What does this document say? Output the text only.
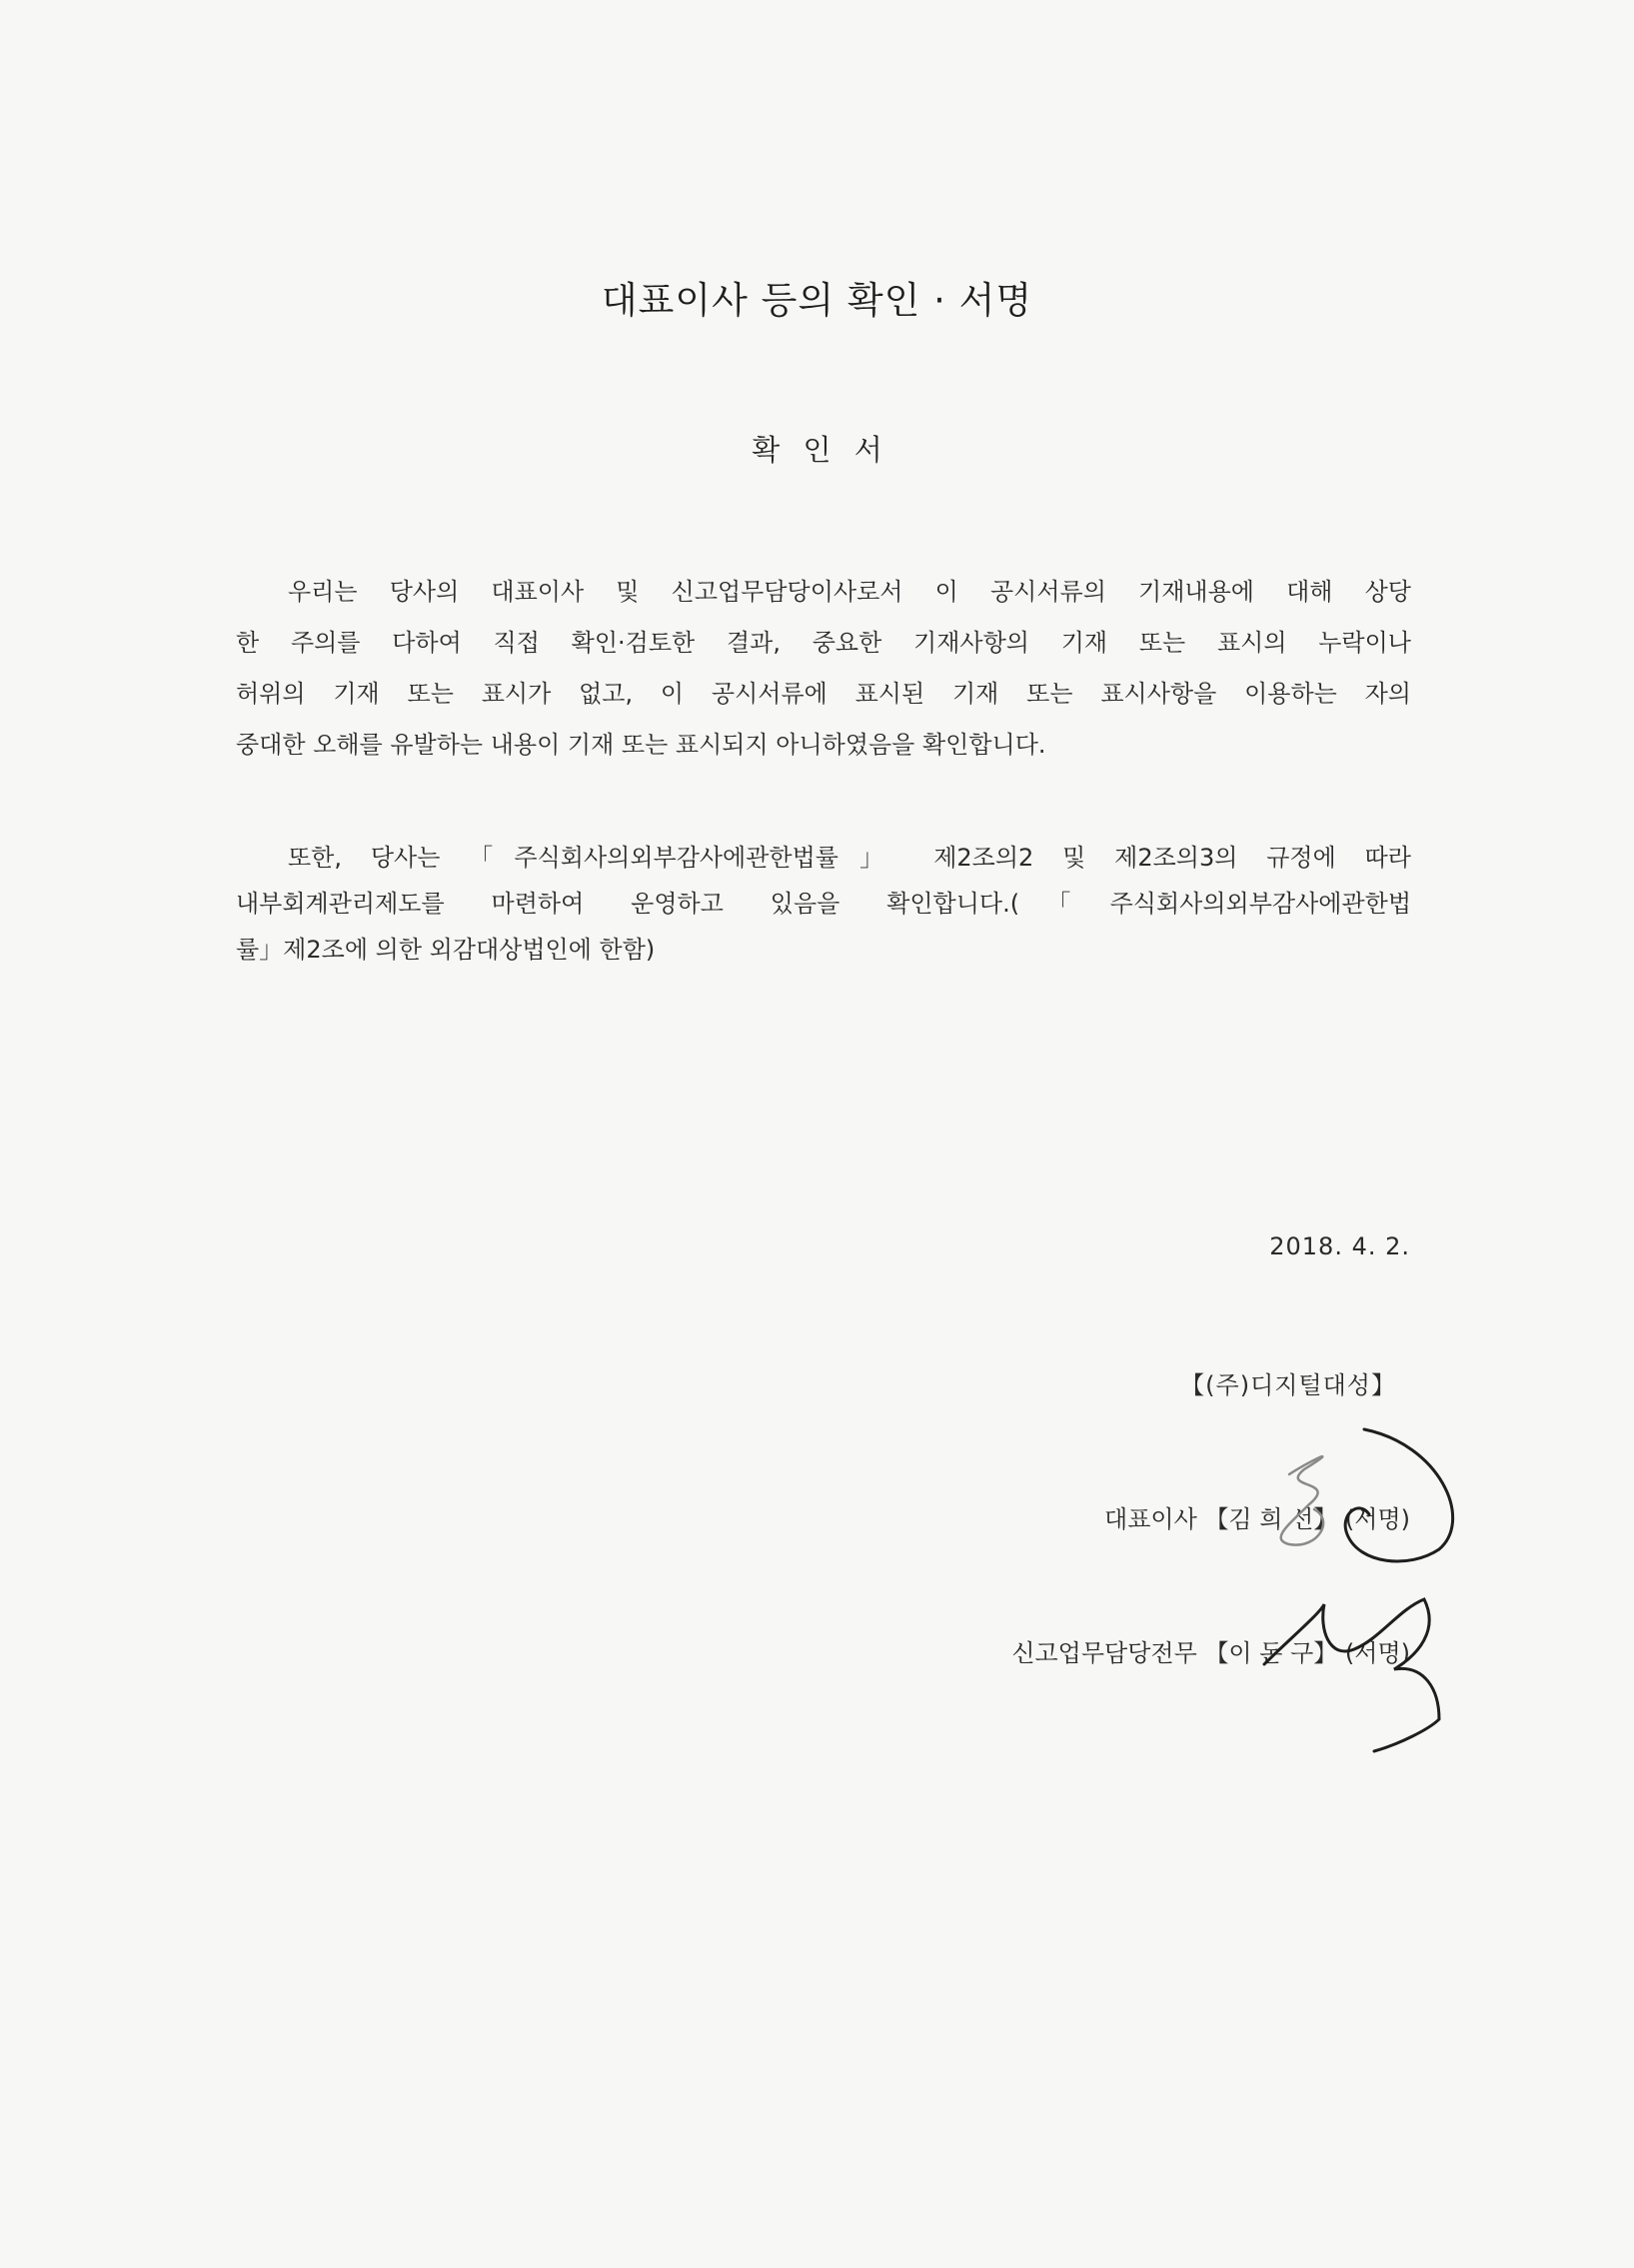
대표이사 등의 확인 · 서명
확 인 서
우리는 당사의 대표이사 및 신고업무담당이사로서 이 공시서류의 기재내용에 대해 상당
한 주의를 다하여 직접 확인·검토한 결과, 중요한 기재사항의 기재 또는 표시의 누락이나
허위의 기재 또는 표시가 없고, 이 공시서류에 표시된 기재 또는 표시사항을 이용하는 자의
중대한 오해를 유발하는 내용이 기재 또는 표시되지 아니하였음을 확인합니다.
또한, 당사는 「주식회사의외부감사에관한법률」 제2조의2 및 제2조의3의 규정에 따라
내부회계관리제도를 마련하여 운영하고 있음을 확인합니다.(「주식회사의외부감사에관한법
률」제2조에 의한 외감대상법인에 한함)
2018. 4. 2.
【(주)디지털대성】
대표이사 【김 희 선】 (서명)
신고업무담당전무 【이 돈 구】 (서명)
